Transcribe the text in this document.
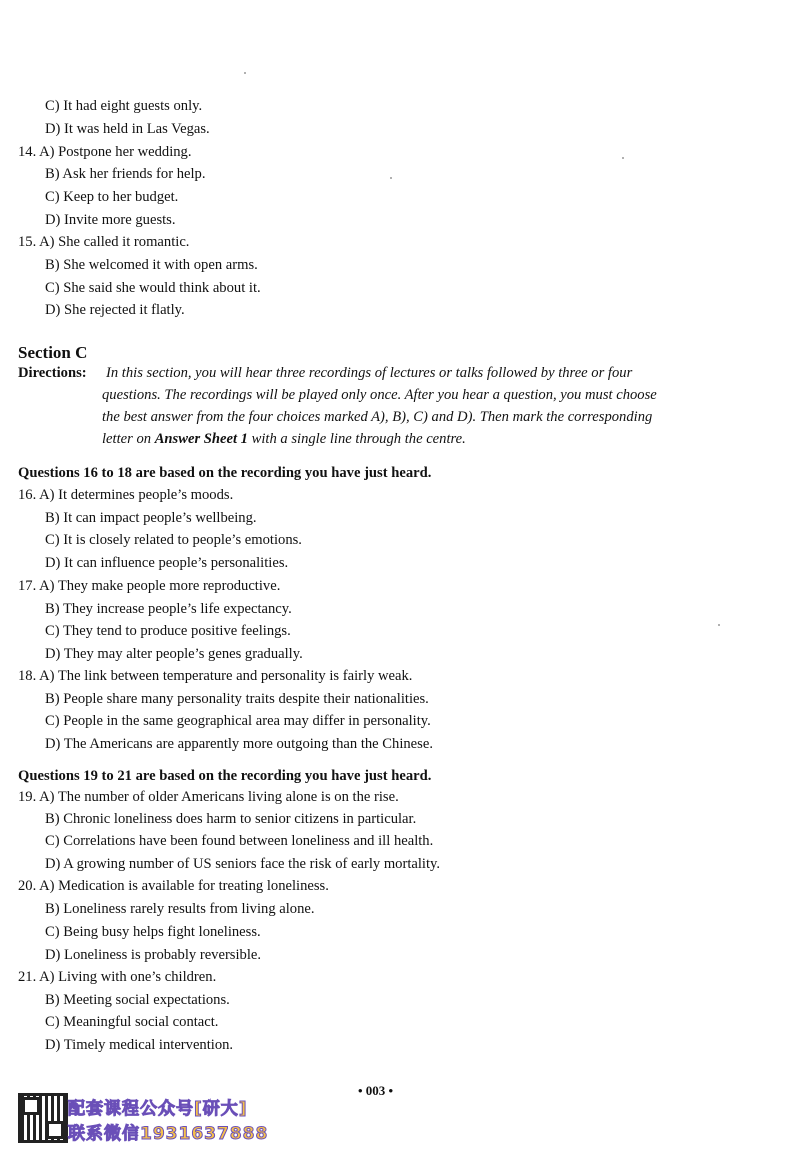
C) It had eight guests only.
D) It was held in Las Vegas.
14. A) Postpone her wedding.
B) Ask her friends for help.
C) Keep to her budget.
D) Invite more guests.
15. A) She called it romantic.
B) She welcomed it with open arms.
C) She said she would think about it.
D) She rejected it flatly.
Section C
Directions: In this section, you will hear three recordings of lectures or talks followed by three or four
questions. The recordings will be played only once. After you hear a question, you must choose
the best answer from the four choices marked A), B), C) and D). Then mark the corresponding
letter on Answer Sheet 1 with a single line through the centre.
Questions 16 to 18 are based on the recording you have just heard.
16. A) It determines people’s moods.
B) It can impact people’s wellbeing.
C) It is closely related to people’s emotions.
D) It can influence people’s personalities.
17. A) They make people more reproductive.
B) They increase people’s life expectancy.
C) They tend to produce positive feelings.
D) They may alter people’s genes gradually.
18. A) The link between temperature and personality is fairly weak.
B) People share many personality traits despite their nationalities.
C) People in the same geographical area may differ in personality.
D) The Americans are apparently more outgoing than the Chinese.
Questions 19 to 21 are based on the recording you have just heard.
19. A) The number of older Americans living alone is on the rise.
B) Chronic loneliness does harm to senior citizens in particular.
C) Correlations have been found between loneliness and ill health.
D) A growing number of US seniors face the risk of early mortality.
20. A) Medication is available for treating loneliness.
B) Loneliness rarely results from living alone.
C) Being busy helps fight loneliness.
D) Loneliness is probably reversible.
21. A) Living with one’s children.
B) Meeting social expectations.
C) Meaningful social contact.
D) Timely medical intervention.
• 003 •
配套课程公众号[研大]
联系微信1931637888
